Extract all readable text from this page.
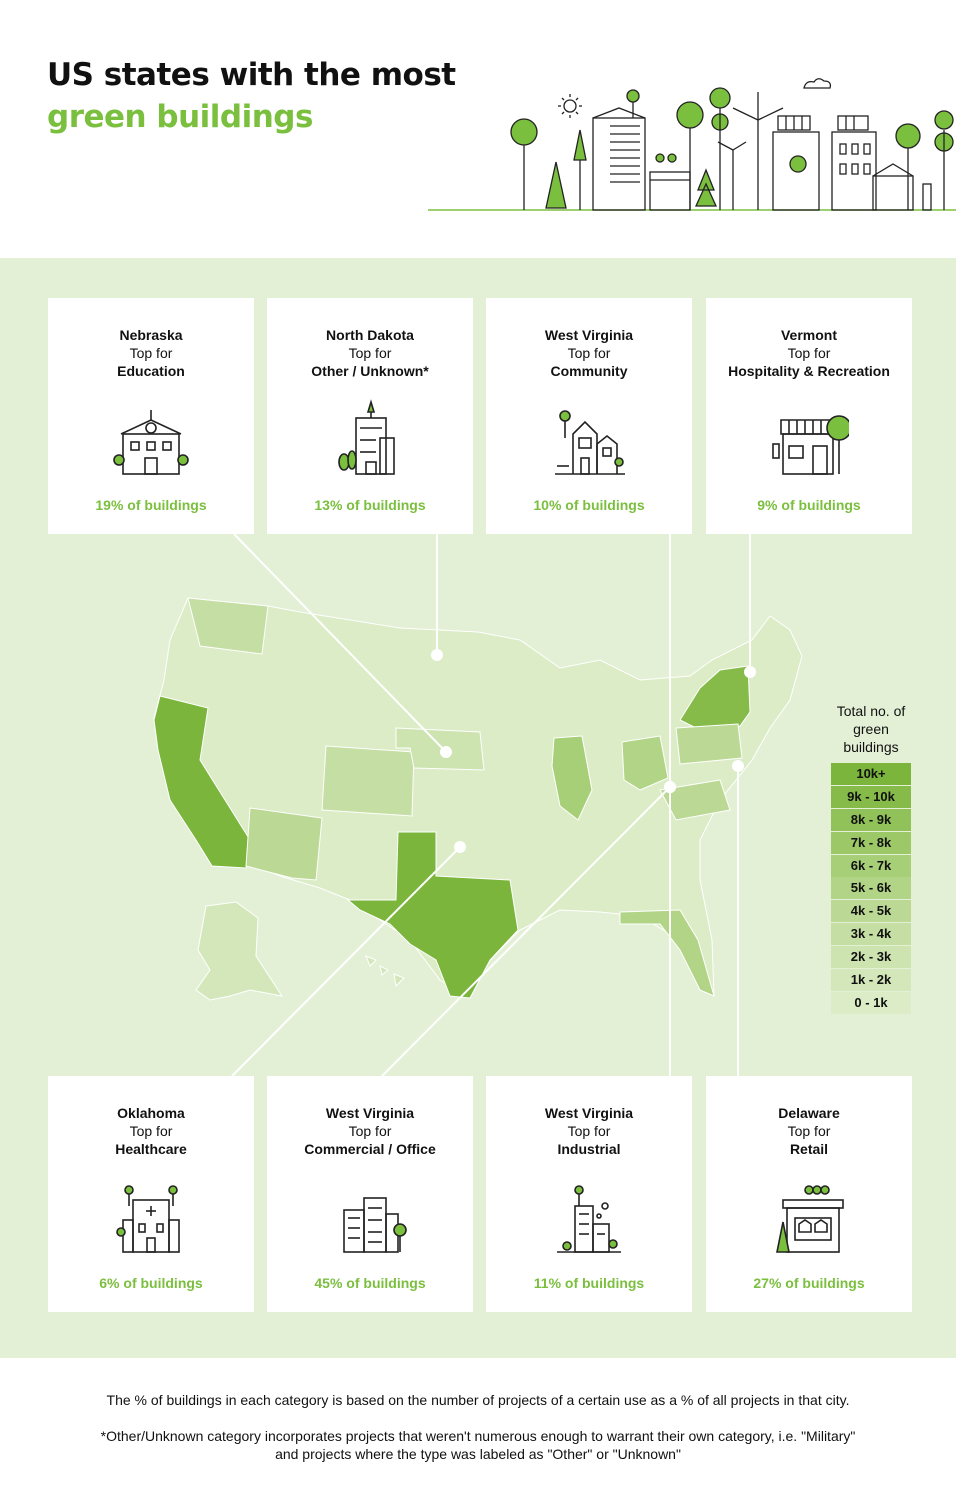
US states with the most
green buildings
Nebraska
Top for
Education
19% of buildings
North Dakota
Top for
Other / Unknown*
13% of buildings
West Virginia
Top for
Community
10% of buildings
Vermont
Top for
Hospitality & Recreation
9% of buildings
Oklahoma
Top for
Healthcare
6% of buildings
West Virginia
Top for
Commercial / Office
45% of buildings
West Virginia
Top for
Industrial
11% of buildings
Delaware
Top for
Retail
27% of buildings
Total no. of green buildings
10k+
9k - 10k
8k - 9k
7k - 8k
6k - 7k
5k - 6k
4k - 5k
3k - 4k
2k - 3k
1k - 2k
0 - 1k
The % of buildings in each category is based on the number of projects of a certain use as a % of all projects in that city.
*Other/Unknown category incorporates projects that weren't numerous enough to warrant their own category, i.e. "Military"
and projects where the type was labeled as "Other" or "Unknown"
